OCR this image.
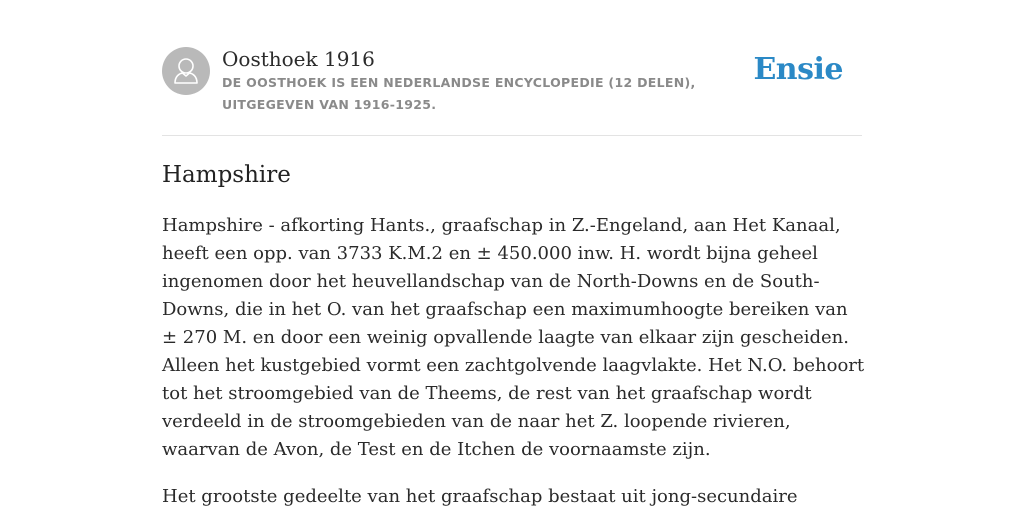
Oosthoek 1916
DE OOSTHOEK IS EEN NEDERLANDSE ENCYCLOPEDIE (12 DELEN), UITGEGEVEN VAN 1916-1925.
Ensie
Hampshire

Hampshire - afkorting Hants., graafschap in Z.-Engeland, aan Het Kanaal, heeft een opp. van 3733 K.M.2 en ± 450.000 inw. H. wordt bijna geheel ingenomen door het heuvellandschap van de North-Downs en de South-Downs, die in het O. van het graafschap een maximumhoogte bereiken van ± 270 M. en door een weinig opvallende laagte van elkaar zijn gescheiden. Alleen het kustgebied vormt een zachtgolvende laagvlakte. Het N.O. behoort tot het stroomgebied van de Theems, de rest van het graafschap wordt verdeeld in de stroomgebieden van de naar het Z. loopende rivieren, waarvan de Avon, de Test en de Itchen de voornaamste zijn.

Het grootste gedeelte van het graafschap bestaat uit jong-secundaire
